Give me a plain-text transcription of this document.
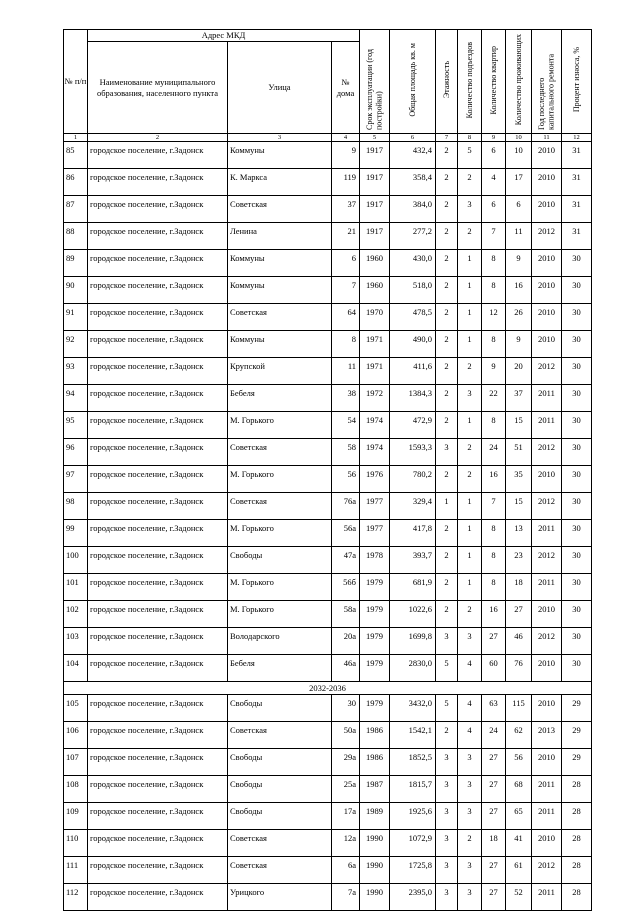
№ п/п	Адрес МКД			Срок эксплуатации (год постройки)	Общая площадь кв. м	Этажность	Количество подъездов	Количество квартир	Количество проживающих	Год последнего капитального ремонта	Процент износа, %
	Наименование муниципального образования, населенного пункта	Улица	№ дома								
1	2	3	4	5	6	7	8	9	10	11	12
85	городское поселение, г.Задонск	Коммуны	9	1917	432,4	2	5	6	10	2010	31
86	городское поселение, г.Задонск	К. Маркса	119	1917	358,4	2	2	4	17	2010	31
87	городское поселение, г.Задонск	Советская	37	1917	384,0	2	3	6	6	2010	31
88	городское поселение, г.Задонск	Ленина	21	1917	277,2	2	2	7	11	2012	31
89	городское поселение, г.Задонск	Коммуны	6	1960	430,0	2	1	8	9	2010	30
90	городское поселение, г.Задонск	Коммуны	7	1960	518,0	2	1	8	16	2010	30
91	городское поселение, г.Задонск	Советская	64	1970	478,5	2	1	12	26	2010	30
92	городское поселение, г.Задонск	Коммуны	8	1971	490,0	2	1	8	9	2010	30
93	городское поселение, г.Задонск	Крупской	11	1971	411,6	2	2	9	20	2012	30
94	городское поселение, г.Задонск	Бебеля	38	1972	1384,3	2	3	22	37	2011	30
95	городское поселение, г.Задонск	М. Горького	54	1974	472,9	2	1	8	15	2011	30
96	городское поселение, г.Задонск	Советская	58	1974	1593,3	3	2	24	51	2012	30
97	городское поселение, г.Задонск	М. Горького	56	1976	780,2	2	2	16	35	2010	30
98	городское поселение, г.Задонск	Советская	76а	1977	329,4	1	1	7	15	2012	30
99	городское поселение, г.Задонск	М. Горького	56а	1977	417,8	2	1	8	13	2011	30
100	городское поселение, г.Задонск	Свободы	47а	1978	393,7	2	1	8	23	2012	30
101	городское поселение, г.Задонск	М. Горького	56б	1979	681,9	2	1	8	18	2011	30
102	городское поселение, г.Задонск	М. Горького	58а	1979	1022,6	2	2	16	27	2010	30
103	городское поселение, г.Задонск	Володарского	20а	1979	1699,8	3	3	27	46	2012	30
104	городское поселение, г.Задонск	Бебеля	46а	1979	2830,0	5	4	60	76	2010	30
2032-2036											
105	городское поселение, г.Задонск	Свободы	30	1979	3432,0	5	4	63	115	2010	29
106	городское поселение, г.Задонск	Советская	50а	1986	1542,1	2	4	24	62	2013	29
107	городское поселение, г.Задонск	Свободы	29а	1986	1852,5	3	3	27	56	2010	29
108	городское поселение, г.Задонск	Свободы	25а	1987	1815,7	3	3	27	68	2011	28
109	городское поселение, г.Задонск	Свободы	17а	1989	1925,6	3	3	27	65	2011	28
110	городское поселение, г.Задонск	Советская	12а	1990	1072,9	3	2	18	41	2010	28
111	городское поселение, г.Задонск	Советская	6а	1990	1725,8	3	3	27	61	2012	28
112	городское поселение, г.Задонск	Урицкого	7а	1990	2395,0	3	3	27	52	2011	28
